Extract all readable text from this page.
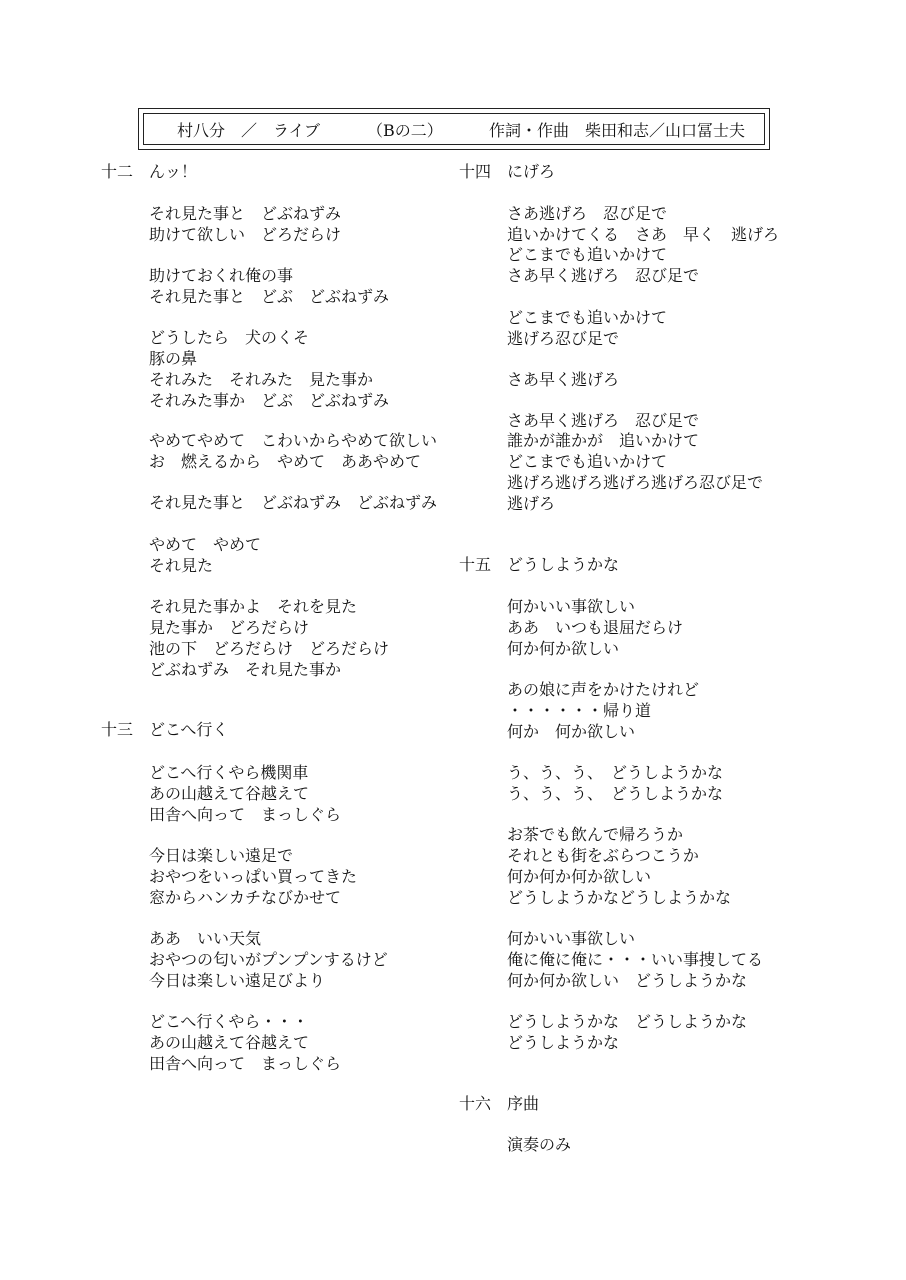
村八分　／　ライブ	（Bの二）	作詞・作曲　柴田和志／山口冨士夫
十二 んッ！
それ見た事と　どぶねずみ
助けて欲しい　どろだらけ
助けておくれ俺の事
それ見た事と　どぶ　どぶねずみ
どうしたら　犬のくそ
豚の鼻
それみた　それみた　見た事か
それみた事か　どぶ　どぶねずみ
やめてやめて　こわいからやめて欲しい
お　燃えるから　やめて　ああやめて
それ見た事と　どぶねずみ　どぶねずみ
やめて　やめて
それ見た
それ見た事かよ　それを見た
見た事か　どろだらけ
池の下　どろだらけ　どろだらけ
どぶねずみ　それ見た事か
十三 どこへ行く
どこへ行くやら機関車
あの山越えて谷越えて
田舎へ向って　まっしぐら
今日は楽しい遠足で
おやつをいっぱい買ってきた
窓からハンカチなびかせて
ああ　いい天気
おやつの匂いがプンプンするけど
今日は楽しい遠足びより
どこへ行くやら・・・
あの山越えて谷越えて
田舎へ向って　まっしぐら
十四 にげろ
さあ逃げろ　忍び足で
追いかけてくる　さあ　早く　逃げろ
どこまでも追いかけて
さあ早く逃げろ　忍び足で
どこまでも追いかけて
逃げろ忍び足で
さあ早く逃げろ
さあ早く逃げろ　忍び足で
誰かが誰かが　追いかけて
どこまでも追いかけて
逃げろ逃げろ逃げろ逃げろ忍び足で
逃げろ
十五 どうしようかな
何かいい事欲しい
ああ　いつも退屈だらけ
何か何か欲しい
あの娘に声をかけたけれど
・・・・・・帰り道
何か　何か欲しい
う、う、う、　どうしようかな
う、う、う、　どうしようかな
お茶でも飲んで帰ろうか
それとも街をぶらつこうか
何か何か何か欲しい
どうしようかなどうしようかな
何かいい事欲しい
俺に俺に俺に・・・いい事捜してる
何か何か欲しい　どうしようかな
どうしようかな　どうしようかな
どうしようかな
十六 序曲
演奏のみ
